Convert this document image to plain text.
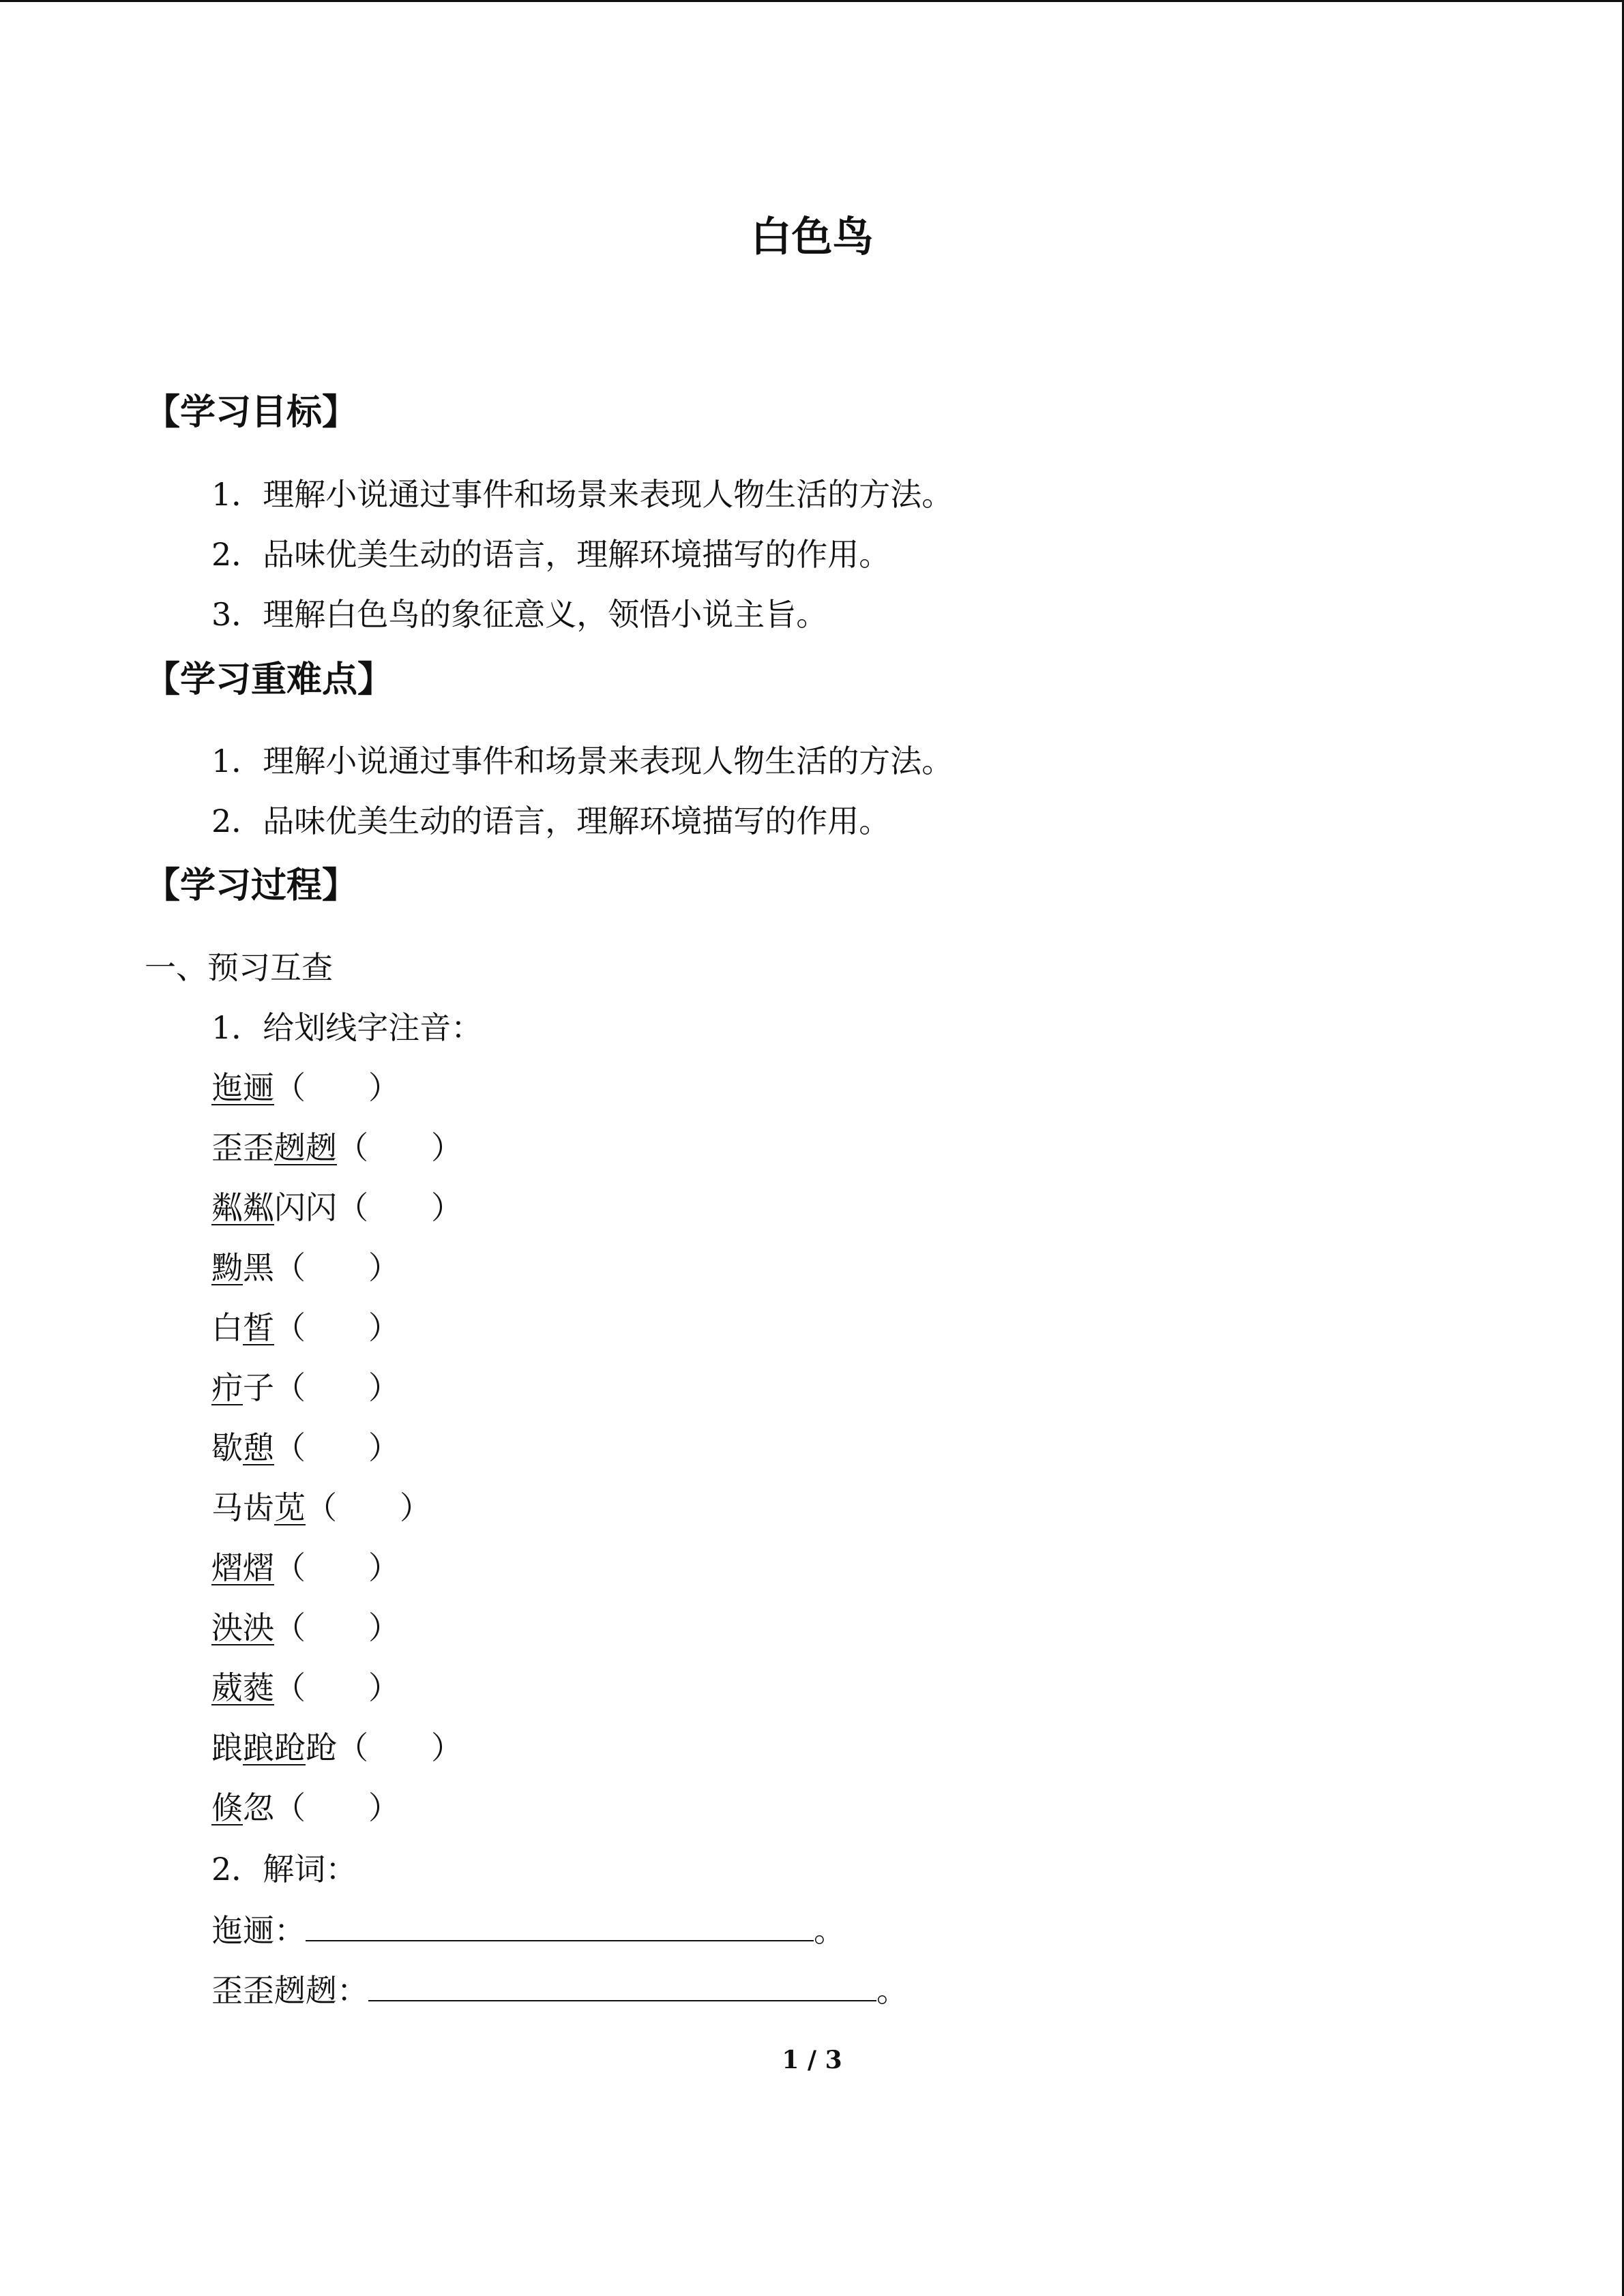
白色鸟
【学习目标】
1．理解小说通过事件和场景来表现人物生活的方法。
2．品味优美生动的语言，理解环境描写的作用。
3．理解白色鸟的象征意义，领悟小说主旨。
【学习重难点】
1．理解小说通过事件和场景来表现人物生活的方法。
2．品味优美生动的语言，理解环境描写的作用。
【学习过程】
一、预习互查
1．给划线字注音：
迤逦（　　）
歪歪趔趔（　　）
粼粼闪闪（　　）
黝黑（　　）
白皙（　　）
疖子（　　）
歇憩（　　）
马齿苋（　　）
熠熠（　　）
泱泱（　　）
葳蕤（　　）
踉踉跄跄（　　）
倏忽（　　）
2．解词：
迤逦：	。
歪歪趔趔：	。
1 / 3
